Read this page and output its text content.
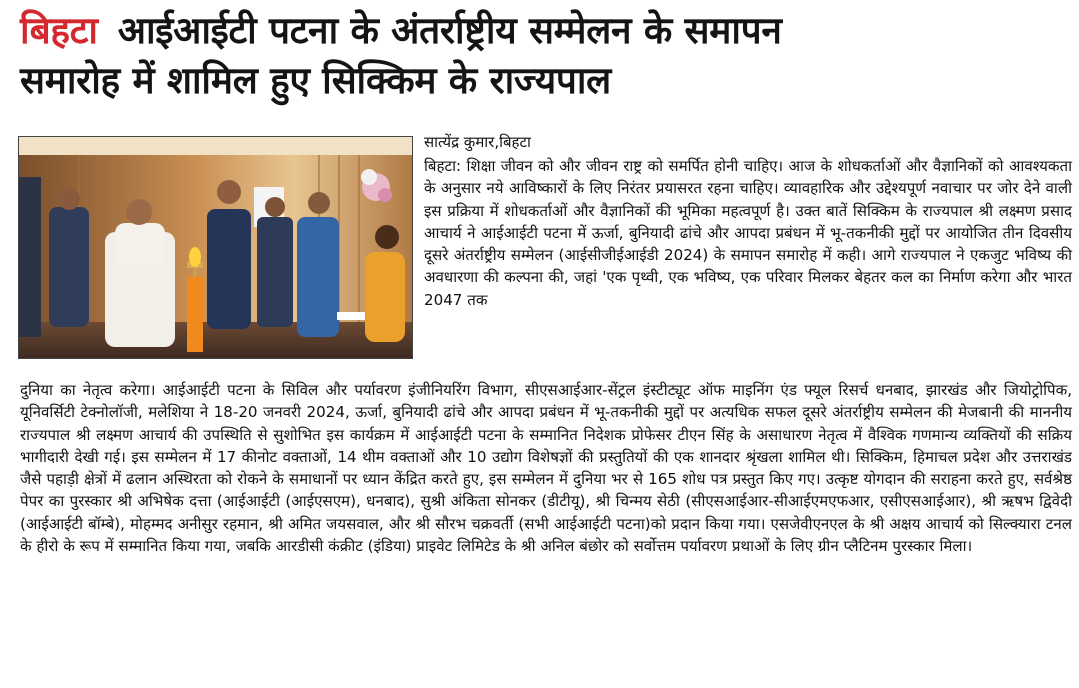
बिहटा आईआईटी पटना के अंतर्राष्ट्रीय सम्मेलन के समापन
समारोह में शामिल हुए सिक्किम के राज्यपाल
सात्येंद्र कुमार,बिहटा
बिहटा: शिक्षा जीवन को और जीवन राष्ट्र को समर्पित होनी चाहिए। आज के शोधकर्ताओं और वैज्ञानिकों को आवश्यकता के अनुसार नये आविष्कारों के लिए निरंतर प्रयासरत रहना चाहिए। व्यावहारिक और उद्देश्यपूर्ण नवाचार पर जोर देने वाली इस प्रक्रिया में शोधकर्ताओं और वैज्ञानिकों की भूमिका महत्वपूर्ण है। उक्त बातें सिक्किम के राज्यपाल श्री लक्ष्मण प्रसाद आचार्य ने आईआईटी पटना में ऊर्जा, बुनियादी ढांचे और आपदा प्रबंधन में भू-तकनीकी मुद्दों पर आयोजित तीन दिवसीय दूसरे अंतर्राष्ट्रीय सम्मेलन (आईसीजीईआईडी 2024) के समापन समारोह में कही। आगे राज्यपाल ने एकजुट भविष्य की अवधारणा की कल्पना की, जहां 'एक पृथ्वी, एक भविष्य, एक परिवार मिलकर बेहतर कल का निर्माण करेगा और भारत 2047 तक
दुनिया का नेतृत्व करेगा। आईआईटी पटना के सिविल और पर्यावरण इंजीनियरिंग विभाग, सीएसआईआर-सेंट्रल इंस्टीट्यूट ऑफ माइनिंग एंड फ्यूल रिसर्च धनबाद, झारखंड और जियोट्रोपिक, यूनिवर्सिटी टेक्नोलॉजी, मलेशिया ने 18-20 जनवरी 2024, ऊर्जा, बुनियादी ढांचे और आपदा प्रबंधन में भू-तकनीकी मुद्दों पर अत्यधिक सफल दूसरे अंतर्राष्ट्रीय सम्मेलन की मेजबानी की माननीय राज्यपाल श्री लक्ष्मण आचार्य की उपस्थिति से सुशोभित इस कार्यक्रम में आईआईटी पटना के सम्मानित निदेशक प्रोफेसर टीएन सिंह के असाधारण नेतृत्व में वैश्विक गणमान्य व्यक्तियों की सक्रिय भागीदारी देखी गई। इस सम्मेलन में 17 कीनोट वक्ताओं, 14 थीम वक्ताओं और 10 उद्योग विशेषज्ञों की प्रस्तुतियों की एक शानदार श्रृंखला शामिल थी। सिक्किम, हिमाचल प्रदेश और उत्तराखंड जैसे पहाड़ी क्षेत्रों में ढलान अस्थिरता को रोकने के समाधानों पर ध्यान केंद्रित करते हुए, इस सम्मेलन में दुनिया भर से 165 शोध पत्र प्रस्तुत किए गए। उत्कृष्ट योगदान की सराहना करते हुए, सर्वश्रेष्ठ पेपर का पुरस्कार श्री अभिषेक दत्ता (आईआईटी (आईएसएम), धनबाद), सुश्री अंकिता सोनकर (डीटीयू), श्री चिन्मय सेठी (सीएसआईआर-सीआईएमएफआर, एसीएसआईआर), श्री ऋषभ द्विवेदी (आईआईटी बॉम्बे), मोहम्मद अनीसुर रहमान, श्री अमित जयसवाल, और श्री सौरभ चक्रवर्ती (सभी आईआईटी पटना)को प्रदान किया गया। एसजेवीएनएल के श्री अक्षय आचार्य को सिल्क्यारा टनल के हीरो के रूप में सम्मानित किया गया, जबकि आरडीसी कंक्रीट (इंडिया) प्राइवेट लिमिटेड के श्री अनिल बंछोर को सर्वोत्तम पर्यावरण प्रथाओं के लिए ग्रीन प्लैटिनम पुरस्कार मिला।
